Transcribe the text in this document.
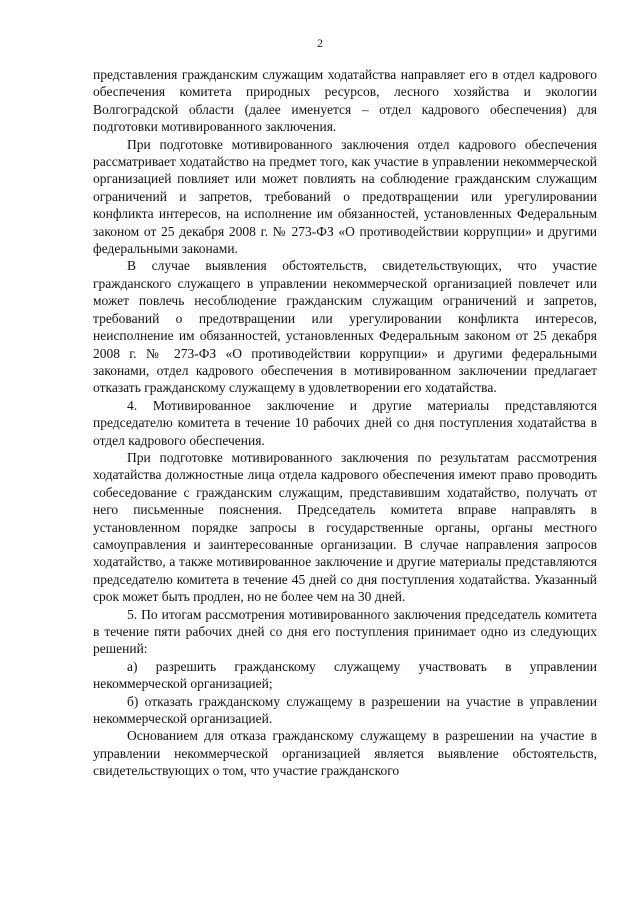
2

представления гражданским служащим ходатайства направляет его в отдел кадрового обеспечения комитета природных ресурсов, лесного хозяйства и экологии Волгоградской области (далее именуется – отдел кадрового обеспечения) для подготовки мотивированного заключения.

При подготовке мотивированного заключения отдел кадрового обеспечения рассматривает ходатайство на предмет того, как участие в управлении некоммерческой организацией повлияет или может повлиять на соблюдение гражданским служащим ограничений и запретов, требований о предотвращении или урегулировании конфликта интересов, на исполнение им обязанностей, установленных Федеральным законом от 25 декабря 2008 г. № 273-ФЗ «О противодействии коррупции» и другими федеральными законами.

В случае выявления обстоятельств, свидетельствующих, что участие гражданского служащего в управлении некоммерческой организацией повлечет или может повлечь несоблюдение гражданским служащим ограничений и запретов, требований о предотвращении или урегулировании конфликта интересов, неисполнение им обязанностей, установленных Федеральным законом от 25 декабря 2008 г. № 273-ФЗ «О противодействии коррупции» и другими федеральными законами, отдел кадрового обеспечения в мотивированном заключении предлагает отказать гражданскому служащему в удовлетворении его ходатайства.

4. Мотивированное заключение и другие материалы представляются председателю комитета в течение 10 рабочих дней со дня поступления ходатайства в отдел кадрового обеспечения.

При подготовке мотивированного заключения по результатам рассмотрения ходатайства должностные лица отдела кадрового обеспечения имеют право проводить собеседование с гражданским служащим, представившим ходатайство, получать от него письменные пояснения. Председатель комитета вправе направлять в установленном порядке запросы в государственные органы, органы местного самоуправления и заинтересованные организации. В случае направления запросов ходатайство, а также мотивированное заключение и другие материалы представляются председателю комитета в течение 45 дней со дня поступления ходатайства. Указанный срок может быть продлен, но не более чем на 30 дней.

5. По итогам рассмотрения мотивированного заключения председатель комитета в течение пяти рабочих дней со дня его поступления принимает одно из следующих решений:

а) разрешить гражданскому служащему участвовать в управлении некоммерческой организацией;

б) отказать гражданскому служащему в разрешении на участие в управлении некоммерческой организацией.

Основанием для отказа гражданскому служащему в разрешении на участие в управлении некоммерческой организацией является выявление обстоятельств, свидетельствующих о том, что участие гражданского
